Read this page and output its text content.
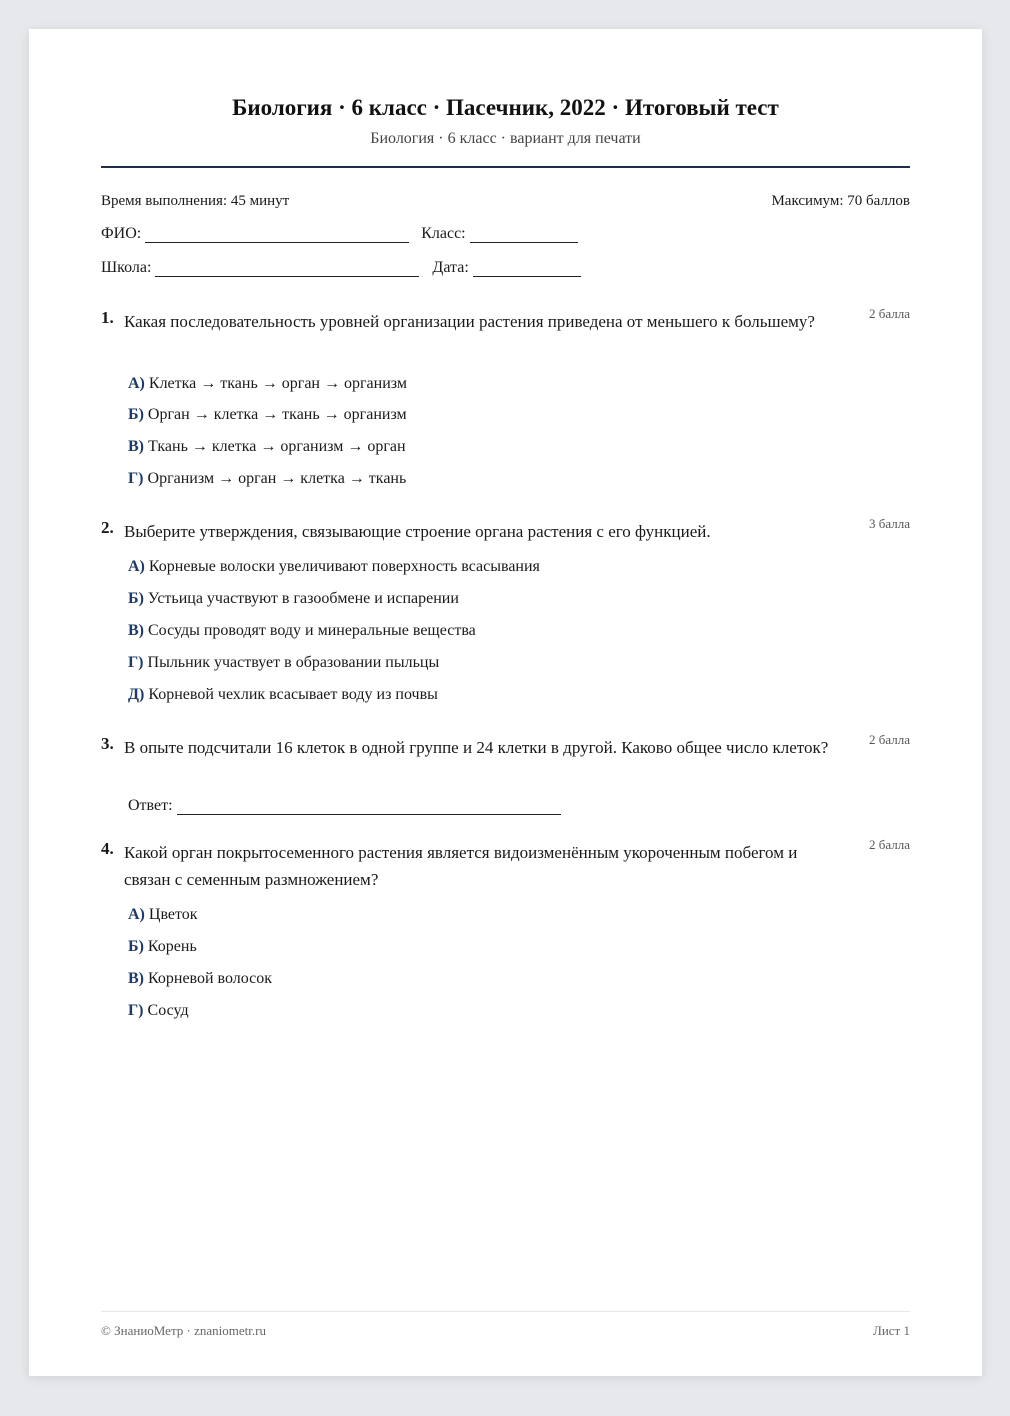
Биология · 6 класс · Пасечник, 2022 · Итоговый тест
Биология · 6 класс · вариант для печати
Время выполнения: 45 минут	Максимум: 70 баллов
ФИО:	Класс:
Школа:	Дата:
1. Какая последовательность уровней организации растения приведена от меньшего к большему?	2 балла
А) Клетка → ткань → орган → организм
Б) Орган → клетка → ткань → организм
В) Ткань → клетка → организм → орган
Г) Организм → орган → клетка → ткань
2. Выберите утверждения, связывающие строение органа растения с его функцией.	3 балла
А) Корневые волоски увеличивают поверхность всасывания
Б) Устьица участвуют в газообмене и испарении
В) Сосуды проводят воду и минеральные вещества
Г) Пыльник участвует в образовании пыльцы
Д) Корневой чехлик всасывает воду из почвы
3. В опыте подсчитали 16 клеток в одной группе и 24 клетки в другой. Каково общее число клеток?	2 балла
Ответ:
4. Какой орган покрытосеменного растения является видоизменённым укороченным побегом и связан с семенным размножением?
2 балла
А) Цветок
Б) Корень
В) Корневой волосок
Г) Сосуд
© ЗнаниоМетр · znaniometr.ru	Лист 1
